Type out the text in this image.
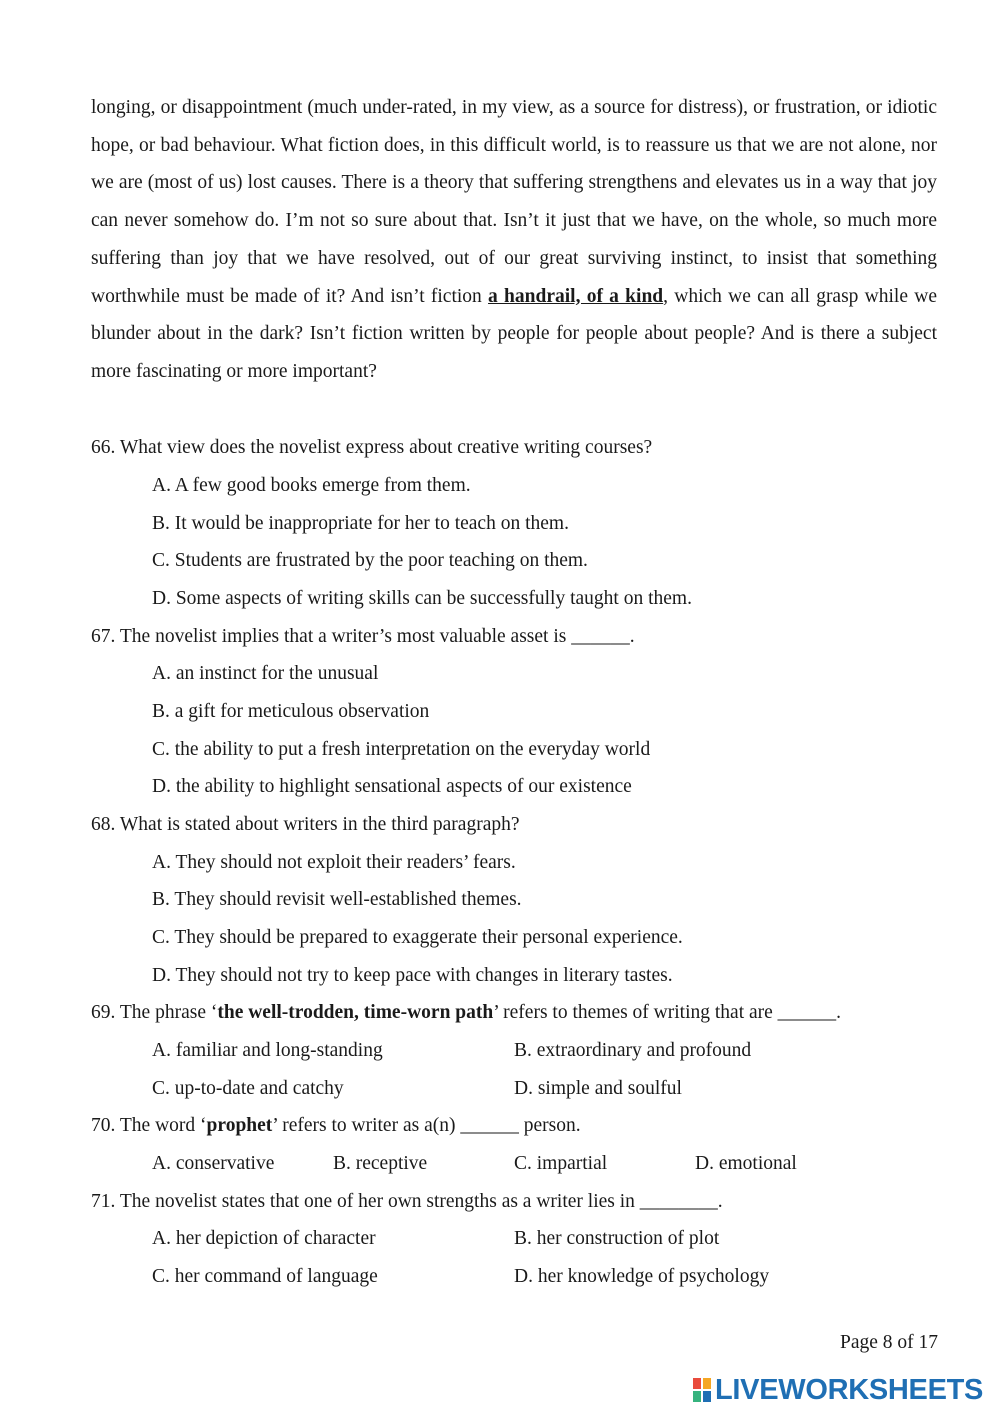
longing, or disappointment (much under-rated, in my view, as a source for distress), or frustration, or idiotic hope, or bad behaviour. What fiction does, in this difficult world, is to reassure us that we are not alone, nor we are (most of us) lost causes. There is a theory that suffering strengthens and elevates us in a way that joy can never somehow do. I’m not so sure about that. Isn’t it just that we have, on the whole, so much more suffering than joy that we have resolved, out of our great surviving instinct, to insist that something worthwhile must be made of it? And isn’t fiction a handrail, of a kind, which we can all grasp while we blunder about in the dark? Isn’t fiction written by people for people about people? And is there a subject more fascinating or more important?

66. What view does the novelist express about creative writing courses?
A. A few good books emerge from them.
B. It would be inappropriate for her to teach on them.
C. Students are frustrated by the poor teaching on them.
D. Some aspects of writing skills can be successfully taught on them.
67. The novelist implies that a writer’s most valuable asset is ______.
A. an instinct for the unusual
B. a gift for meticulous observation
C. the ability to put a fresh interpretation on the everyday world
D. the ability to highlight sensational aspects of our existence
68. What is stated about writers in the third paragraph?
A. They should not exploit their readers’ fears.
B. They should revisit well-established themes.
C. They should be prepared to exaggerate their personal experience.
D. They should not try to keep pace with changes in literary tastes.
69. The phrase ‘the well-trodden, time-worn path’ refers to themes of writing that are ______.
A. familiar and long-standing	B. extraordinary and profound
C. up-to-date and catchy	D. simple and soulful
70. The word ‘prophet’ refers to writer as a(n) ______ person.
A. conservative	B. receptive	C. impartial	D. emotional
71. The novelist states that one of her own strengths as a writer lies in ________.
A. her depiction of character	B. her construction of plot
C. her command of language	D. her knowledge of psychology
Page 8 of 17
LIVEWORKSHEETS
